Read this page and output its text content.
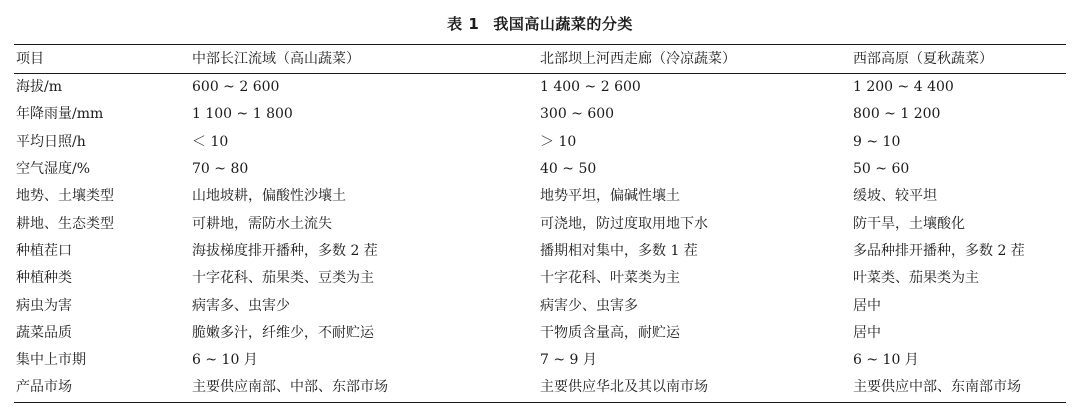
表 1 我国高山蔬菜的分类
项目	中部长江流域（高山蔬菜）	北部坝上河西走廊（冷凉蔬菜）	西部高原（夏秋蔬菜）
海拔/m	600 ~ 2 600	1 400 ~ 2 600	1 200 ~ 4 400
年降雨量/mm	1 100 ~ 1 800	300 ~ 600	800 ~ 1 200
平均日照/h	＜ 10	＞ 10	9 ~ 10
空气湿度/%	70 ~ 80	40 ~ 50	50 ~ 60
地势、土壤类型	山地坡耕，偏酸性沙壤土	地势平坦，偏碱性壤土	缓坡、较平坦
耕地、生态类型	可耕地，需防水土流失	可浇地，防过度取用地下水	防干旱，土壤酸化
种植茬口	海拔梯度排开播种，多数 2 茬	播期相对集中，多数 1 茬	多品种排开播种，多数 2 茬
种植种类	十字花科、茄果类、豆类为主	十字花科、叶菜类为主	叶菜类、茄果类为主
病虫为害	病害多、虫害少	病害少、虫害多	居中
蔬菜品质	脆嫩多汁，纤维少，不耐贮运	干物质含量高，耐贮运	居中
集中上市期	6 ~ 10 月	7 ~ 9 月	6 ~ 10 月
产品市场	主要供应南部、中部、东部市场	主要供应华北及其以南市场	主要供应中部、东南部市场
